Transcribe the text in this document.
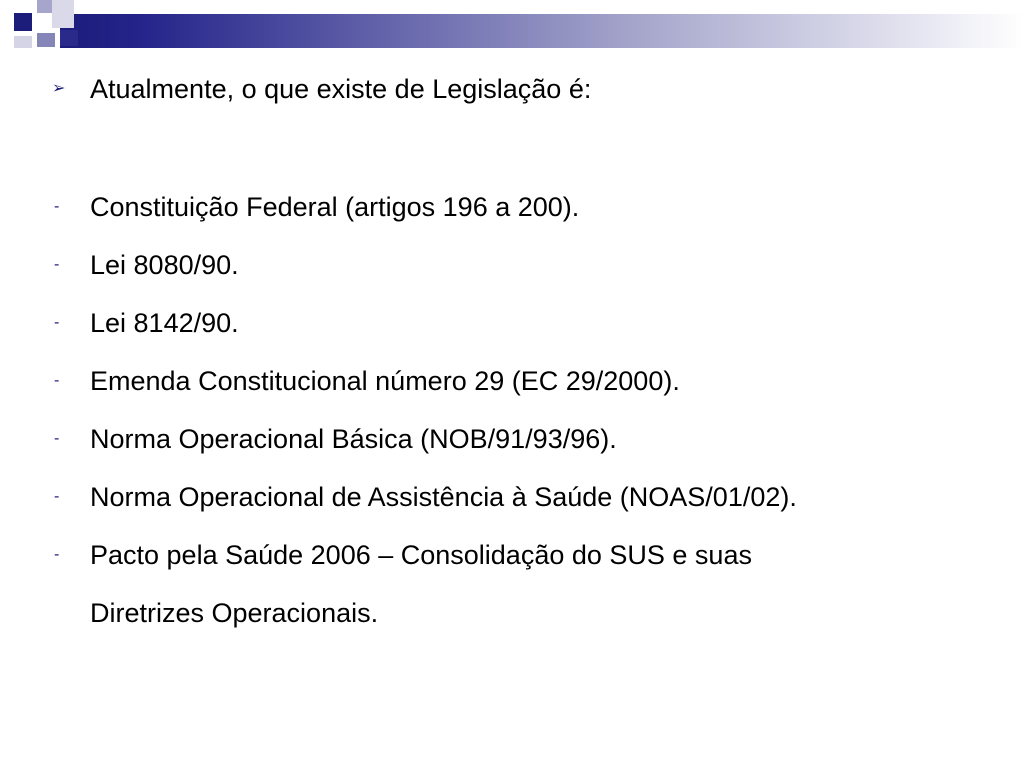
➢ Atualmente, o que existe de Legislação é:
- Constituição Federal (artigos 196 a 200).
- Lei 8080/90.
- Lei 8142/90.
- Emenda Constitucional número 29 (EC 29/2000).
- Norma Operacional Básica (NOB/91/93/96).
- Norma Operacional de Assistência à Saúde (NOAS/01/02).
- Pacto pela Saúde 2006 – Consolidação do SUS e suas
Diretrizes Operacionais.
